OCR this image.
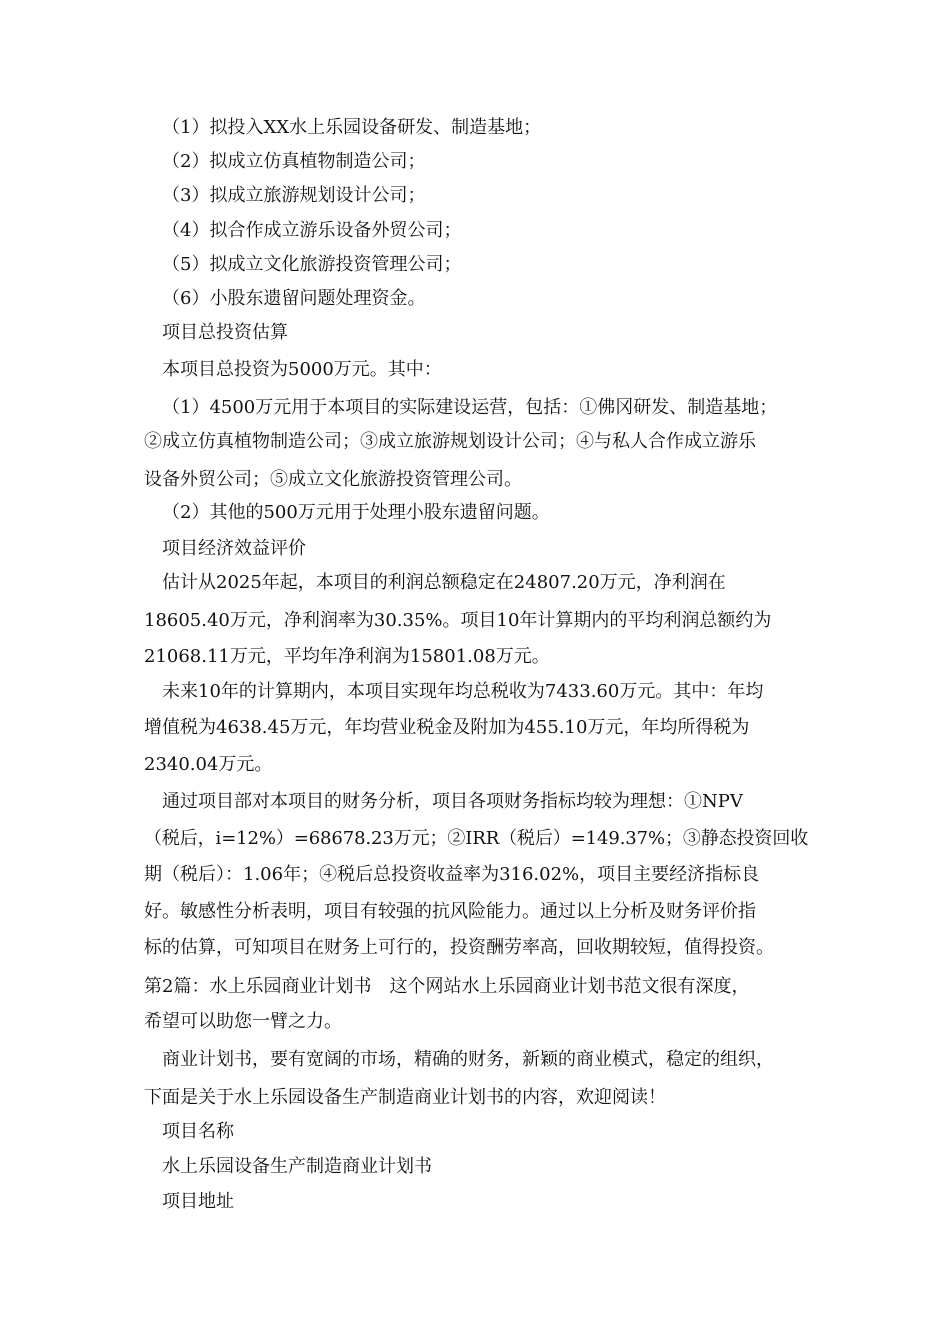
（1）拟投入XX水上乐园设备研发、制造基地；
（2）拟成立仿真植物制造公司；
（3）拟成立旅游规划设计公司；
（4）拟合作成立游乐设备外贸公司；
（5）拟成立文化旅游投资管理公司；
（6）小股东遗留问题处理资金。
项目总投资估算
本项目总投资为5000万元。其中：
（1）4500万元用于本项目的实际建设运营，包括：①佛冈研发、制造基地；
②成立仿真植物制造公司；③成立旅游规划设计公司；④与私人合作成立游乐
设备外贸公司；⑤成立文化旅游投资管理公司。
（2）其他的500万元用于处理小股东遗留问题。
项目经济效益评价
估计从2025年起，本项目的利润总额稳定在24807.20万元，净利润在
18605.40万元，净利润率为30.35%。项目10年计算期内的平均利润总额约为
21068.11万元，平均年净利润为15801.08万元。
未来10年的计算期内，本项目实现年均总税收为7433.60万元。其中：年均
增值税为4638.45万元，年均营业税金及附加为455.10万元，年均所得税为
2340.04万元。
通过项目部对本项目的财务分析，项目各项财务指标均较为理想：①NPV
（税后，i=12%）=68678.23万元；②IRR（税后）=149.37%；③静态投资回收
期（税后）：1.06年；④税后总投资收益率为316.02%，项目主要经济指标良
好。敏感性分析表明，项目有较强的抗风险能力。通过以上分析及财务评价指
标的估算，可知项目在财务上可行的，投资酬劳率高，回收期较短，值得投资。
第2篇：水上乐园商业计划书　这个网站水上乐园商业计划书范文很有深度，
希望可以助您一臂之力。
商业计划书，要有宽阔的市场，精确的财务，新颖的商业模式，稳定的组织，
下面是关于水上乐园设备生产制造商业计划书的内容，欢迎阅读！
项目名称
水上乐园设备生产制造商业计划书
项目地址
